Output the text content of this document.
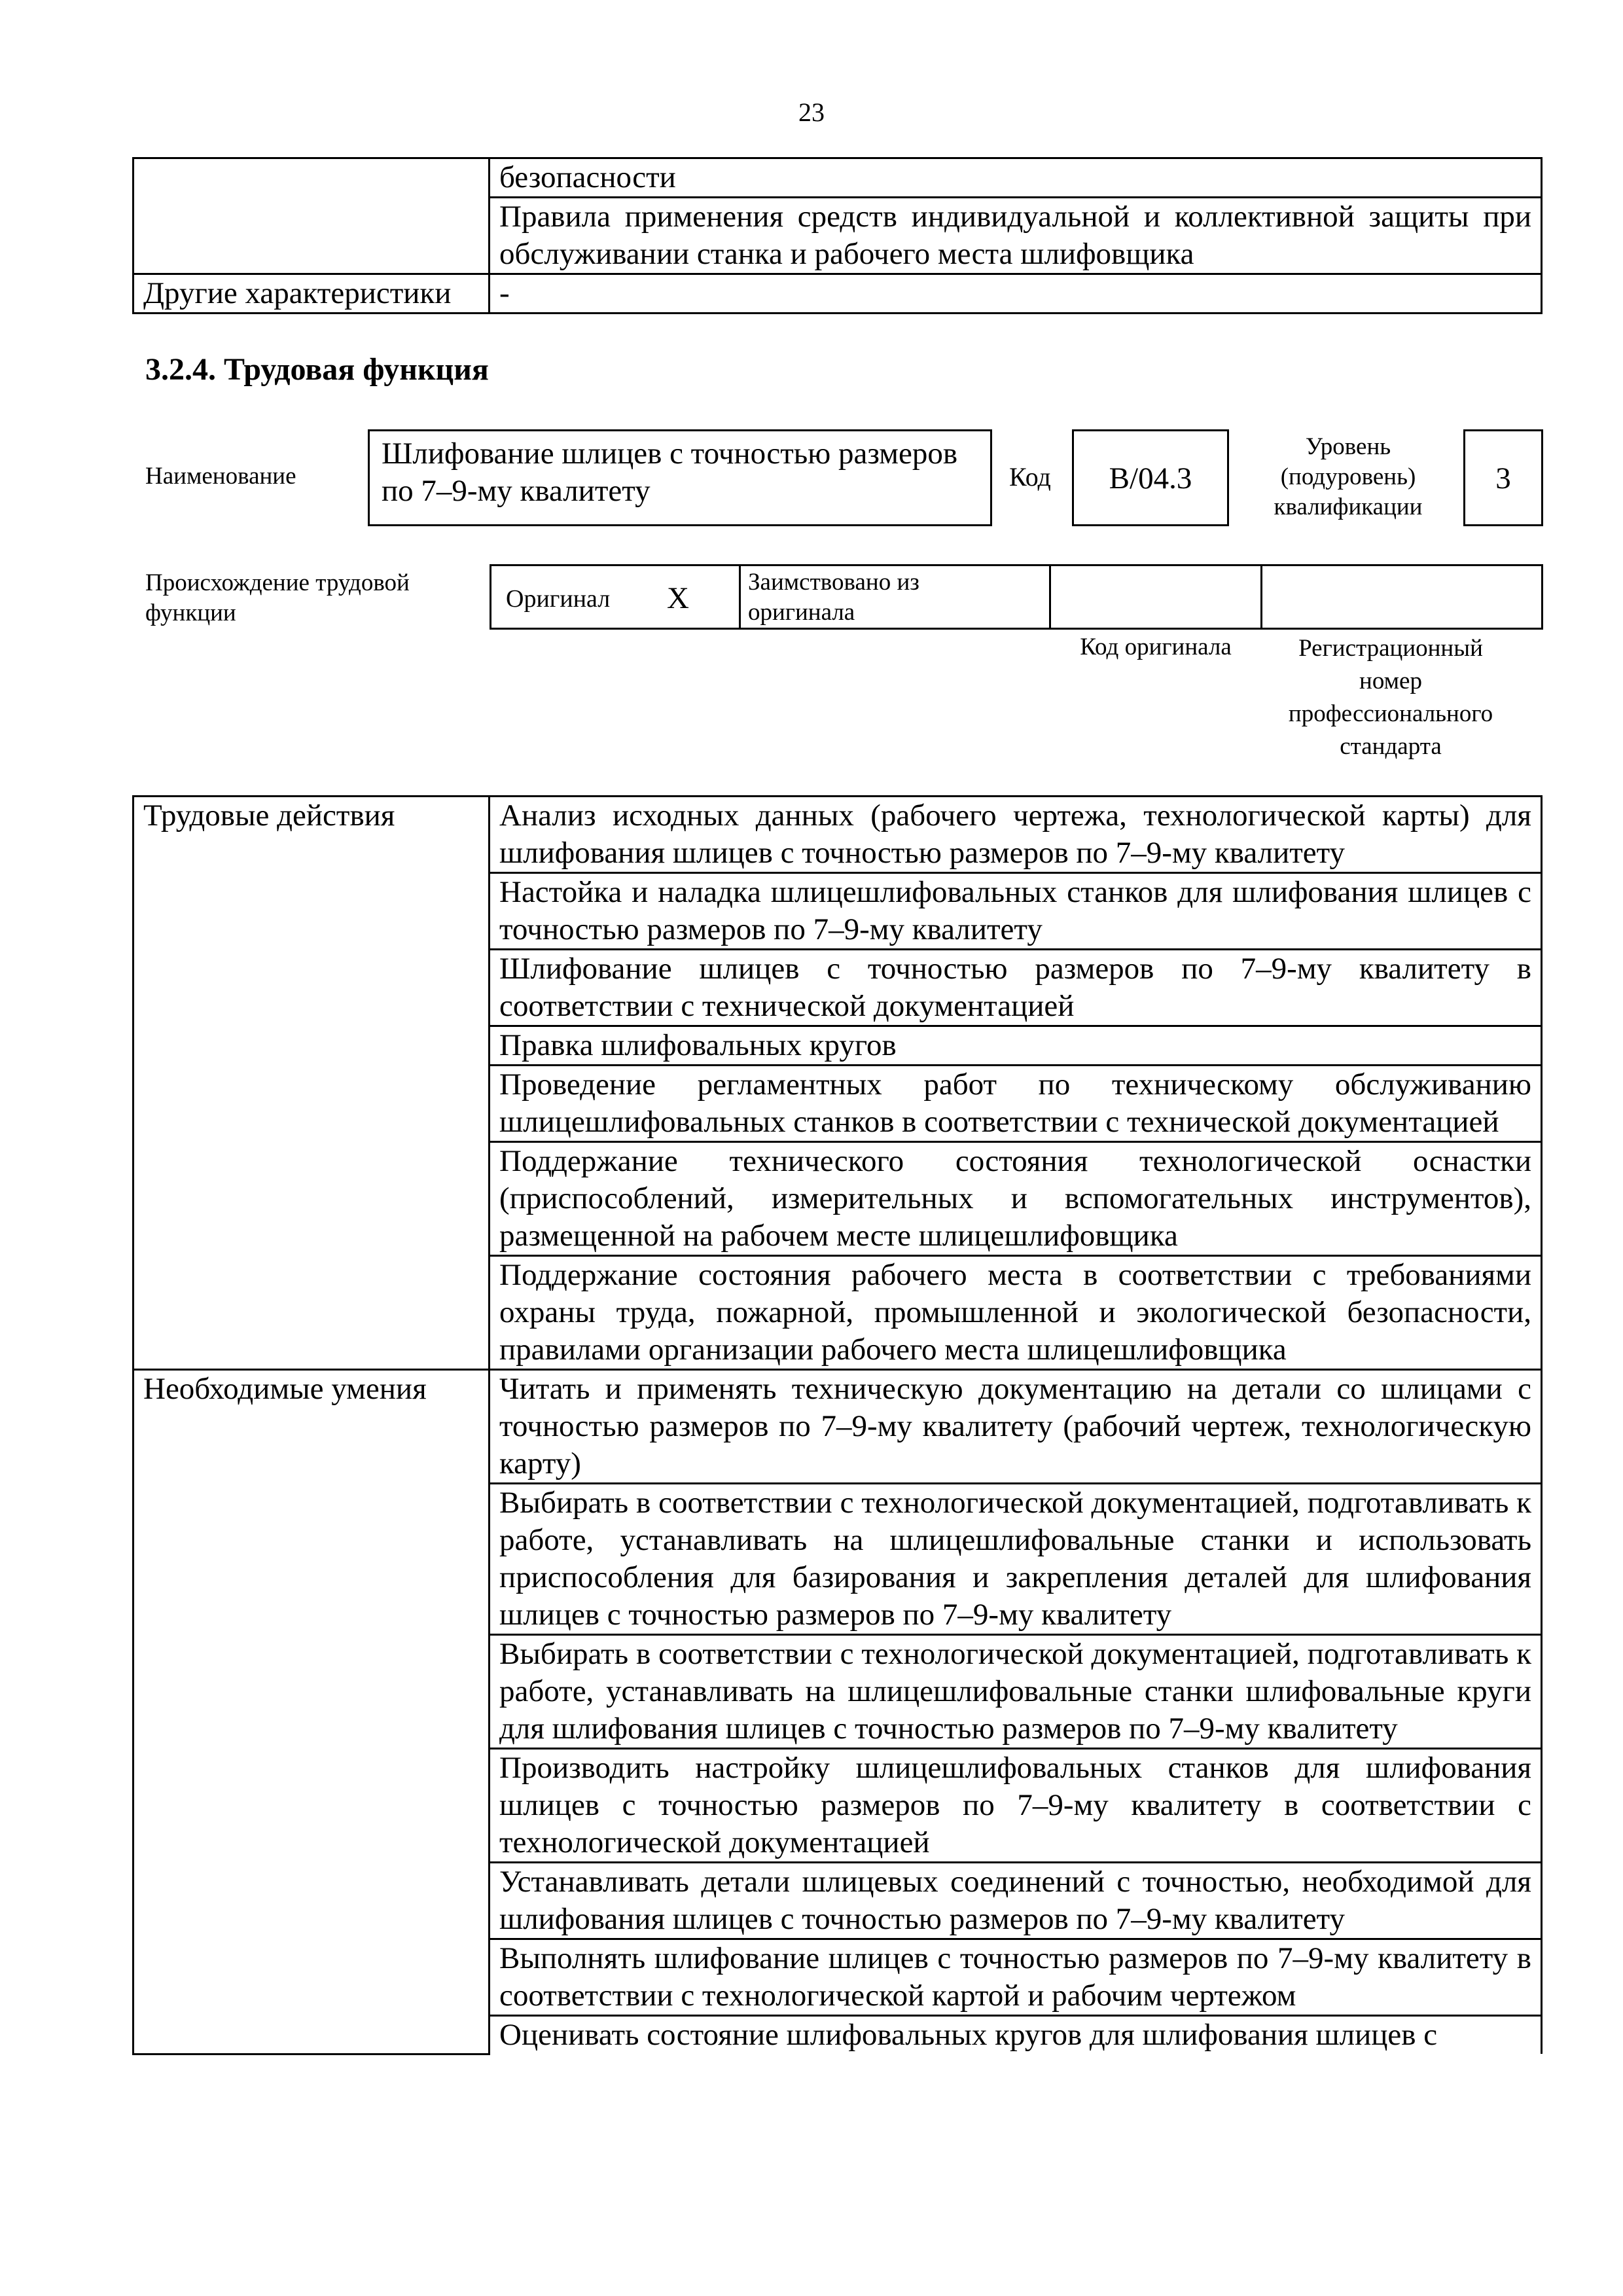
23
	безопасности
	Правила применения средств индивидуальной и коллективной защиты при обслуживании станка и рабочего места шлифовщика
Другие характеристики	-
3.2.4. Трудовая функция
Наименование
Шлифование шлицев с точностью размеров по 7–9-му квалитету	Код	B/04.3
Уровень (подуровень) квалификации
3
Происхождение трудовой функции
Оригинал X Заимствовано из оригинала
Код оригинала	Регистрационный номер профессионального стандарта
Трудовые действия	Анализ исходных данных (рабочего чертежа, технологической карты) для шлифования шлицев с точностью размеров по 7–9-му квалитету
	Настойка и наладка шлицешлифовальных станков для шлифования шлицев с точностью размеров по 7–9-му квалитету
	Шлифование шлицев с точностью размеров по 7–9-му квалитету в соответствии с технической документацией
	Правка шлифовальных кругов
	Проведение регламентных работ по техническому обслуживанию шлицешлифовальных станков в соответствии с технической документацией
	Поддержание технического состояния технологической оснастки (приспособлений, измерительных и вспомогательных инструментов), размещенной на рабочем месте шлицешлифовщика
	Поддержание состояния рабочего места в соответствии с требованиями охраны труда, пожарной, промышленной и экологической безопасности, правилами организации рабочего места шлицешлифовщика
Необходимые умения	Читать и применять техническую документацию на детали со шлицами с точностью размеров по 7–9-му квалитету (рабочий чертеж, технологическую карту)
	Выбирать в соответствии с технологической документацией, подготавливать к работе, устанавливать на шлицешлифовальные станки и использовать приспособления для базирования и закрепления деталей для шлифования шлицев с точностью размеров по 7–9-му квалитету
	Выбирать в соответствии с технологической документацией, подготавливать к работе, устанавливать на шлицешлифовальные станки шлифовальные круги для шлифования шлицев с точностью размеров по 7–9-му квалитету
	Производить настройку шлицешлифовальных станков для шлифования шлицев с точностью размеров по 7–9-му квалитету в соответствии с технологической документацией
	Устанавливать детали шлицевых соединений с точностью, необходимой для шлифования шлицев с точностью размеров по 7–9-му квалитету
	Выполнять шлифование шлицев с точностью размеров по 7–9-му квалитету в соответствии с технологической картой и рабочим чертежом
	Оценивать состояние шлифовальных кругов для шлифования шлицев с
